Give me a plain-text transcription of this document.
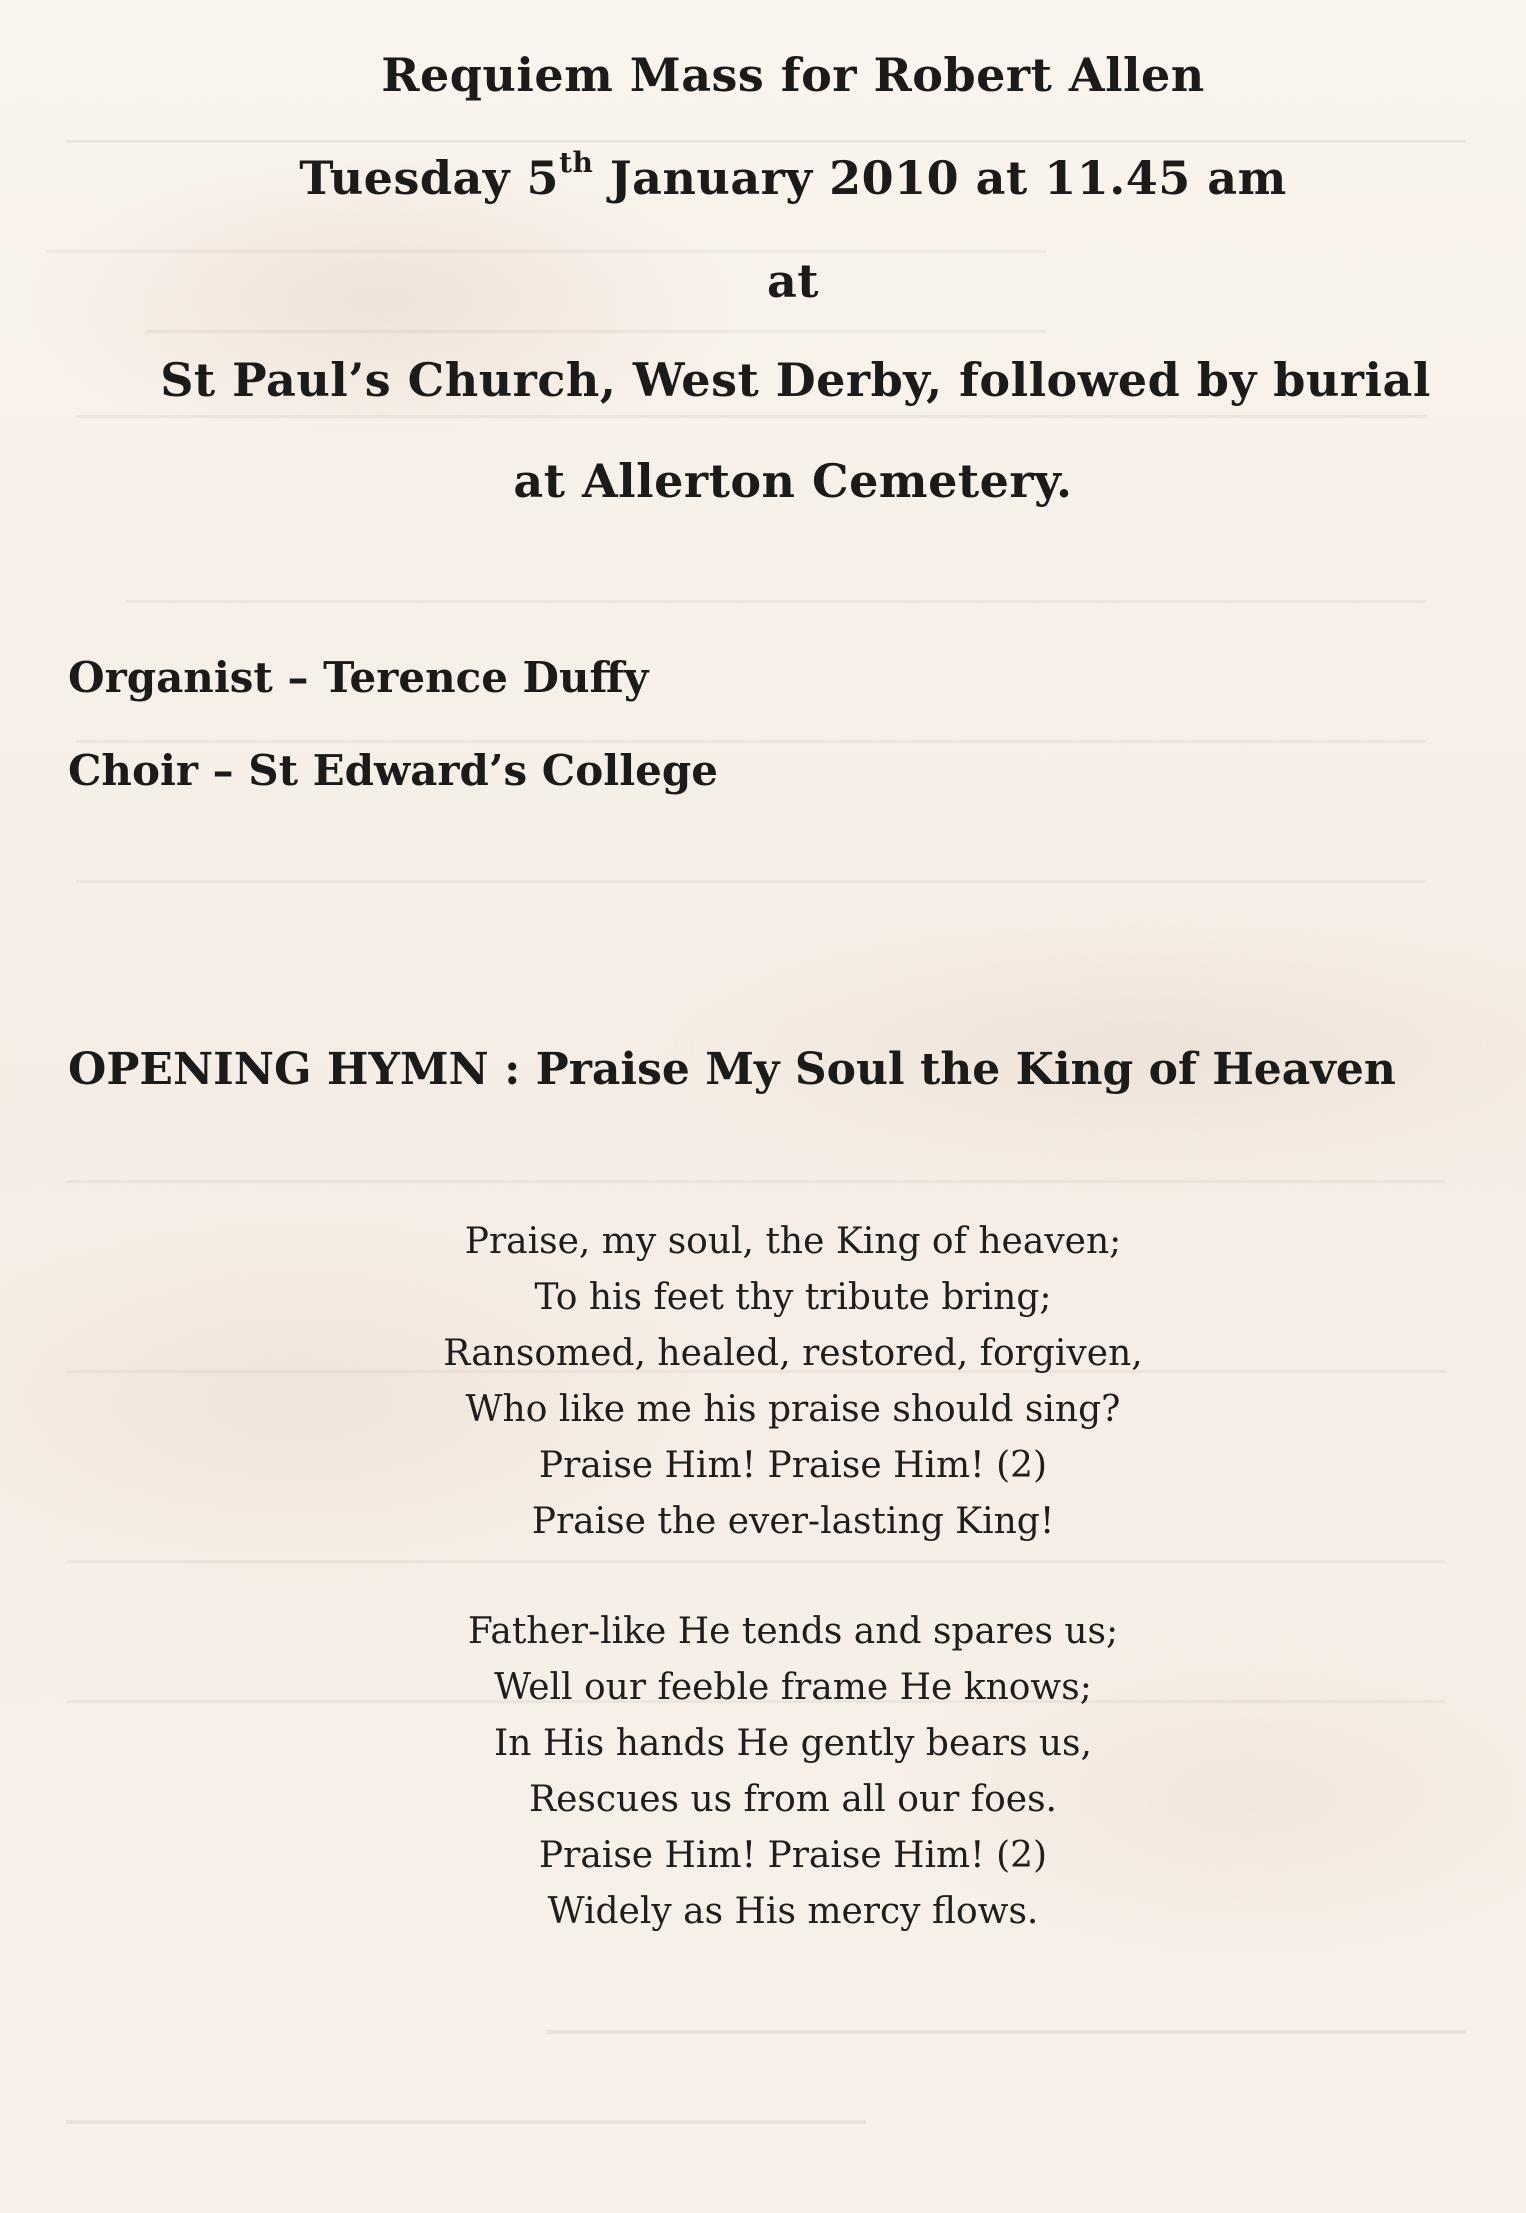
Requiem Mass for Robert Allen
Tuesday 5th January 2010 at 11.45 am
at
St Paul’s Church, West Derby, followed by burial
at Allerton Cemetery.
Organist – Terence Duffy
Choir – St Edward’s College
OPENING HYMN : Praise My Soul the King of Heaven
Praise, my soul, the King of heaven;
To his feet thy tribute bring;
Ransomed, healed, restored, forgiven,
Who like me his praise should sing?
Praise Him! Praise Him! (2)
Praise the ever-lasting King!
Father-like He tends and spares us;
Well our feeble frame He knows;
In His hands He gently bears us,
Rescues us from all our foes.
Praise Him! Praise Him! (2)
Widely as His mercy flows.
